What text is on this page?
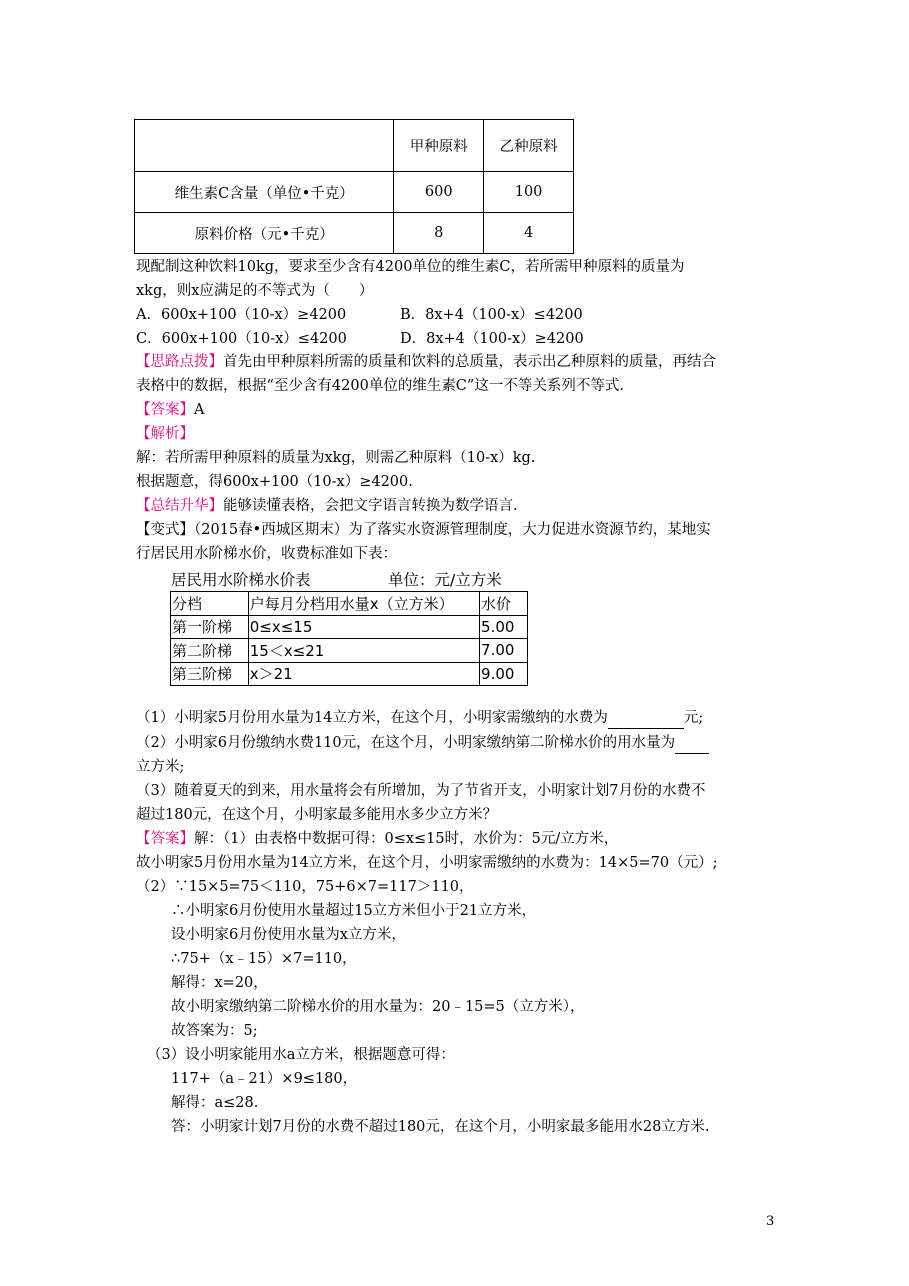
	甲种原料	乙种原料
维生素C含量（单位•千克）	600	100
原料价格（元•千克）	8	4
现配制这种饮料10kg，要求至少含有4200单位的维生素C，若所需甲种原料的质量为
xkg，则x应满足的不等式为（　　）
A．600x+100（10-x）≥4200	B．8x+4（100-x）≤4200
C．600x+100（10-x）≤4200	D．8x+4（100-x）≥4200
【思路点拨】首先由甲种原料所需的质量和饮料的总质量，表示出乙种原料的质量，再结合
表格中的数据，根据“至少含有4200单位的维生素C”这一不等关系列不等式.
【答案】A
【解析】
解：若所需甲种原料的质量为xkg，则需乙种原料（10-x）kg.
根据题意，得600x+100（10-x）≥4200.
【总结升华】能够读懂表格，会把文字语言转换为数学语言.
【变式】（2015春•西城区期末）为了落实水资源管理制度，大力促进水资源节约，某地实
行居民用水阶梯水价，收费标准如下表：
居民用水阶梯水价表	单位：元/立方米
分档	户每月分档用水量x（立方米）	水价
第一阶梯	0≤x≤15	5.00
第二阶梯	15＜x≤21	7.00
第三阶梯	x＞21	9.00
（1）小明家5月份用水量为14立方米，在这个月，小明家需缴纳的水费为	元;
（2）小明家6月份缴纳水费110元，在这个月，小明家缴纳第二阶梯水价的用水量为
立方米;
（3）随着夏天的到来，用水量将会有所增加，为了节省开支，小明家计划7月份的水费不
超过180元，在这个月，小明家最多能用水多少立方米？
【答案】解：（1）由表格中数据可得：0≤x≤15时，水价为：5元/立方米，
故小明家5月份用水量为14立方米，在这个月，小明家需缴纳的水费为：14×5=70（元）;
（2）∵15×5=75＜110，75+6×7=117＞110，
∴小明家6月份使用水量超过15立方米但小于21立方米，
设小明家6月份使用水量为x立方米，
∴75+（x﹣15）×7=110，
解得：x=20，
故小明家缴纳第二阶梯水价的用水量为：20﹣15=5（立方米），
故答案为：5;
（3）设小明家能用水a立方米，根据题意可得：
117+（a﹣21）×9≤180，
解得：a≤28.
答：小明家计划7月份的水费不超过180元，在这个月，小明家最多能用水28立方米.
3
